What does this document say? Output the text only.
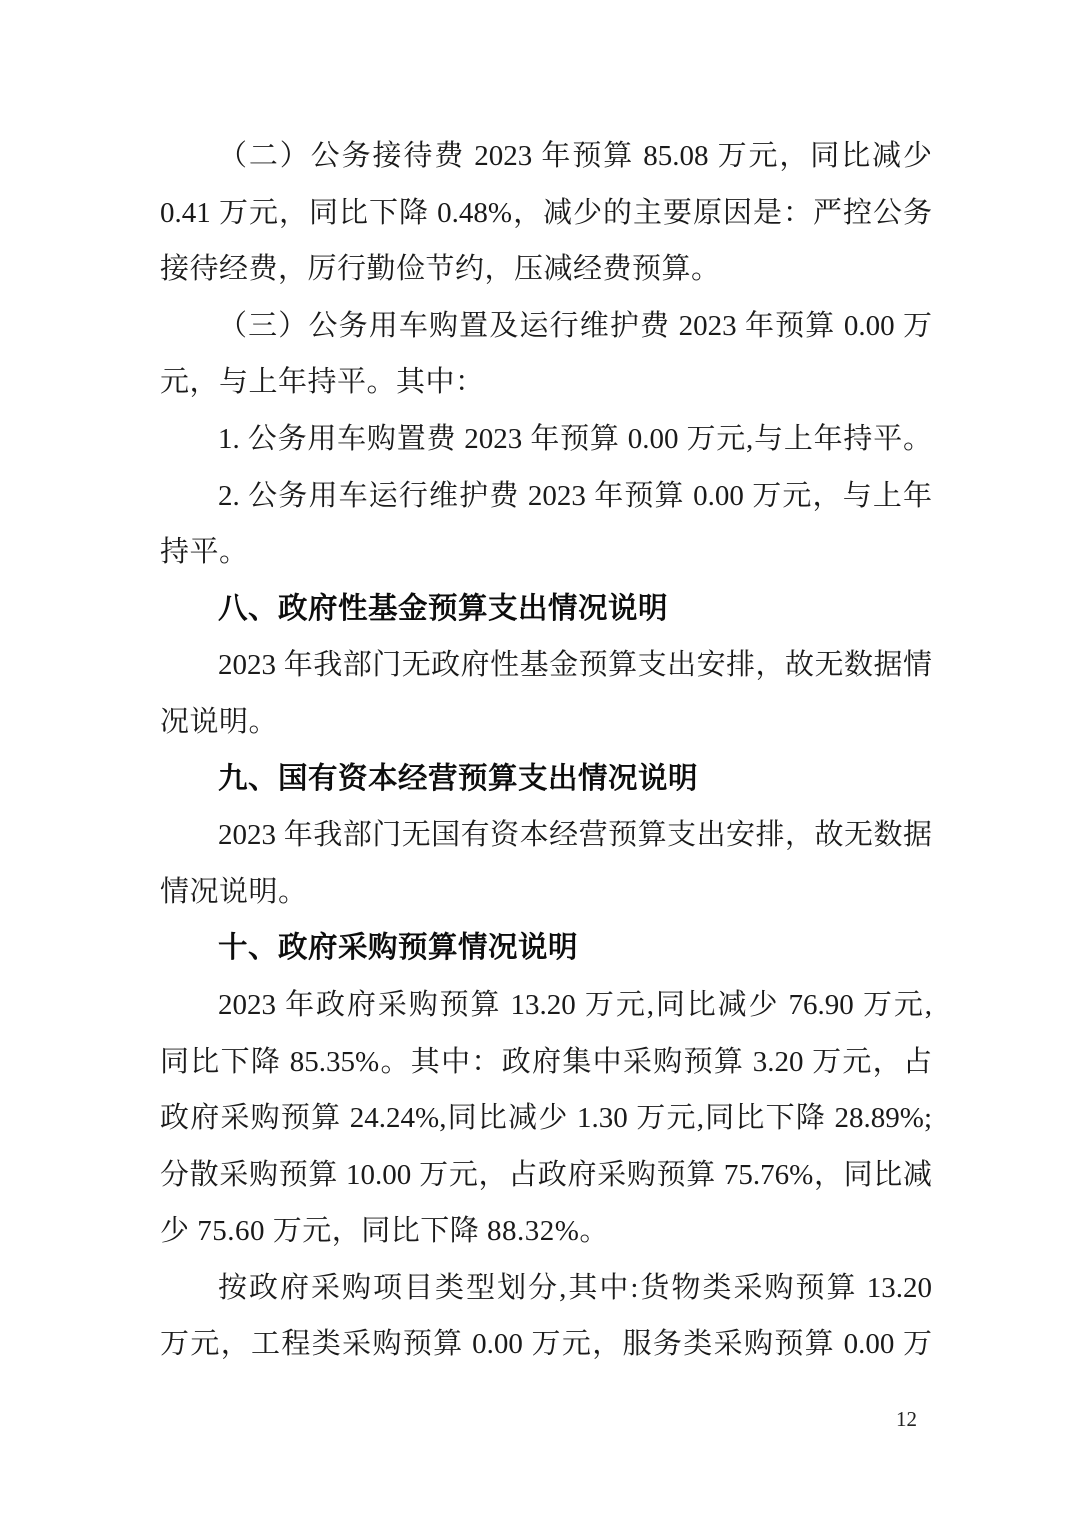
（二）公务接待费 2023 年预算 85.08 万元，同比减少
0.41 万元，同比下降 0.48%，减少的主要原因是：严控公务
接待经费，厉行勤俭节约，压减经费预算。
（三）公务用车购置及运行维护费 2023 年预算 0.00 万
元，与上年持平。其中：
1. 公务用车购置费 2023 年预算 0.00 万元,与上年持平。
2. 公务用车运行维护费 2023 年预算 0.00 万元，与上年
持平。
八、政府性基金预算支出情况说明
2023 年我部门无政府性基金预算支出安排，故无数据情
况说明。
九、国有资本经营预算支出情况说明
2023 年我部门无国有资本经营预算支出安排，故无数据
情况说明。
十、政府采购预算情况说明
2023 年政府采购预算 13.20 万元,同比减少 76.90 万元,
同比下降 85.35%。其中：政府集中采购预算 3.20 万元，占
政府采购预算 24.24%,同比减少 1.30 万元,同比下降 28.89%;
分散采购预算 10.00 万元，占政府采购预算 75.76%，同比减
少 75.60 万元，同比下降 88.32%。
按政府采购项目类型划分,其中:货物类采购预算 13.20
万元，工程类采购预算 0.00 万元，服务类采购预算 0.00 万
12
